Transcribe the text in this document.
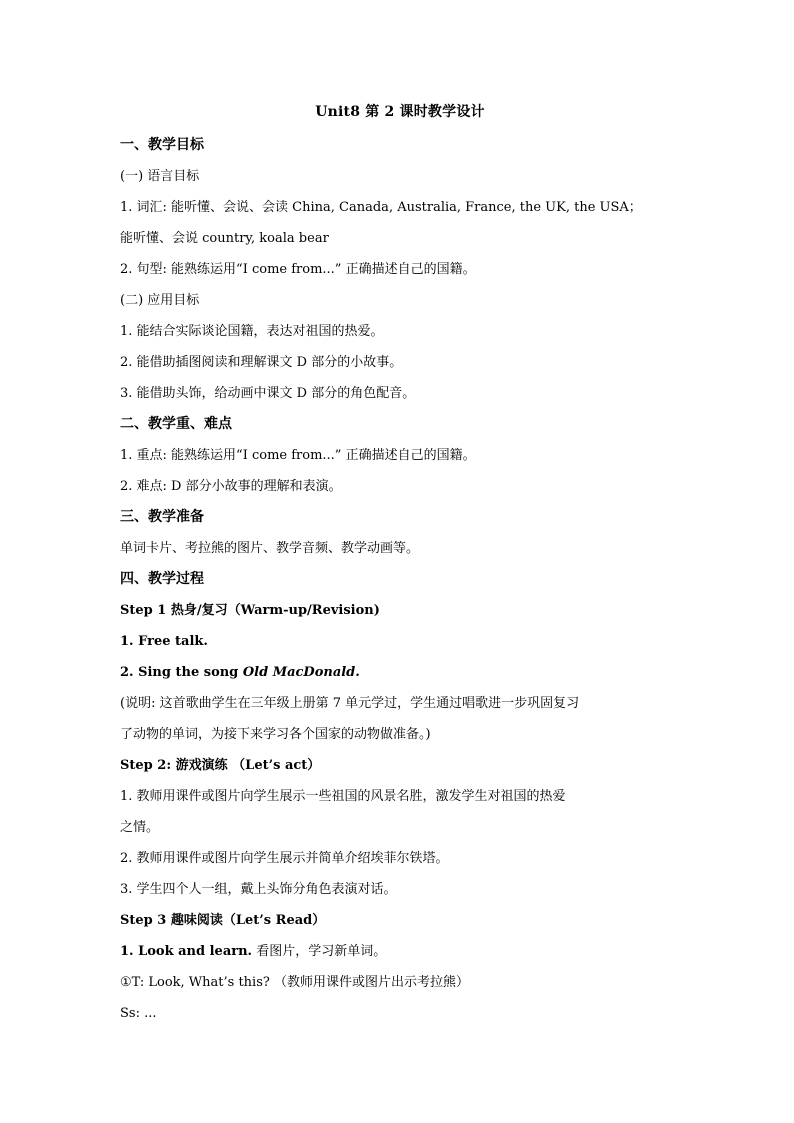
Unit8 第 2 课时教学设计
一、教学目标
(一) 语言目标
1. 词汇: 能听懂、会说、会读 China, Canada, Australia, France, the UK, the USA；
能听懂、会说 country, koala bear
2. 句型: 能熟练运用“I come from...” 正确描述自己的国籍。
(二) 应用目标
1. 能结合实际谈论国籍，表达对祖国的热爱。
2. 能借助插图阅读和理解课文 D 部分的小故事。
3. 能借助头饰，给动画中课文 D 部分的角色配音。
二、教学重、难点
1. 重点: 能熟练运用“I come from...” 正确描述自己的国籍。
2. 难点: D 部分小故事的理解和表演。
三、教学准备
单词卡片、考拉熊的图片、教学音频、教学动画等。
四、教学过程
Step 1 热身/复习（Warm-up/Revision)
1. Free talk.
2. Sing the song Old MacDonald.
(说明: 这首歌曲学生在三年级上册第 7 单元学过，学生通过唱歌进一步巩固复习
了动物的单词，为接下来学习各个国家的动物做准备。)
Step 2: 游戏演练 （Let’s act）
1. 教师用课件或图片向学生展示一些祖国的风景名胜，激发学生对祖国的热爱
之情。
2. 教师用课件或图片向学生展示并简单介绍埃菲尔铁塔。
3. 学生四个人一组，戴上头饰分角色表演对话。
Step 3 趣味阅读（Let’s Read）
1. Look and learn. 看图片，学习新单词。
①T: Look, What’s this? （教师用课件或图片出示考拉熊）
Ss: ...
